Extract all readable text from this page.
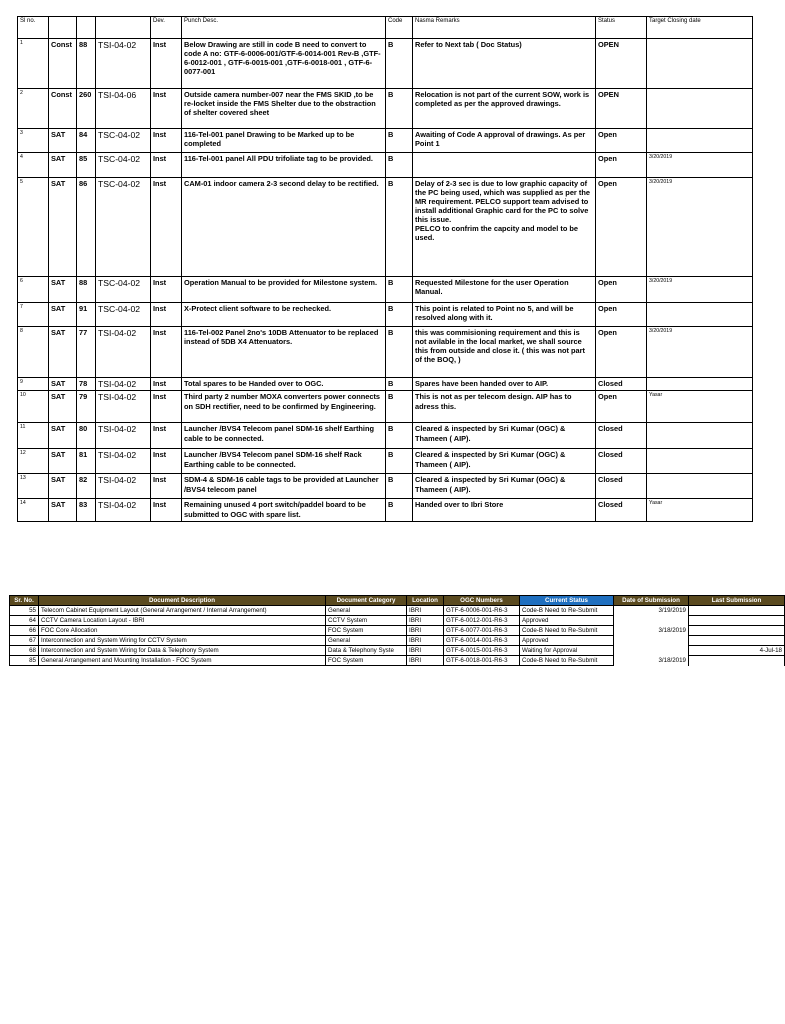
Sl no.				Dev.	Punch Desc.	Code	Nasma Remarks	Status	Target Closing date
1	Const	88	TSI-04-02	Inst	Below Drawing are still in code B need to convert to code A no: GTF-6-0006-001/GTF-6-0014-001 Rev-B ,GTF-6-0012-001 , GTF-6-0015-001 ,GTF-6-0018-001 , GTF-6-0077-001	B	Refer to Next tab ( Doc Status)	OPEN	
2	Const	260	TSI-04-06	Inst	Outside camera number-007 near the FMS SKID ,to be re-locket inside the FMS Shelter due to the obstraction of shelter covered sheet	B	Relocation is not part of the current SOW, work is completed as per the approved drawings.	OPEN	
3	SAT	84	TSC-04-02	Inst	116-Tel-001 panel Drawing to be Marked up to be completed	B	Awaiting of Code A approval of drawings. As per Point 1	Open	
4	SAT	85	TSC-04-02	Inst	116-Tel-001 panel All PDU trifoliate tag to be provided.	B		Open	3/20/2019
5	SAT	86	TSC-04-02	Inst	CAM-01 indoor camera 2-3 second delay to be rectified.	B	Delay of 2-3 sec is due to low graphic capacity of the PC being used, which was supplied as per the MR requirement. PELCO support team advised to install additional Graphic card for the PC to solve this issue.
PELCO to confrim the capcity and model to be used.	Open	3/20/2019
6	SAT	88	TSC-04-02	Inst	Operation Manual to be provided for Milestone system.	B	Requested Milestone for the user Operation Manual.	Open	3/20/2019
7	SAT	91	TSC-04-02	Inst	X-Protect client software to be rechecked.	B	This point is related to Point no 5, and will be resolved along with it.	Open	
8	SAT	77	TSI-04-02	Inst	116-Tel-002 Panel 2no's 10DB Attenuator to be replaced instead of 5DB X4 Attenuators.	B	this was commisioning requirement and this is not avilable in the local market, we shall source this from outside and close it. ( this was not part of the BOQ, )	Open	3/20/2019
9	SAT	78	TSI-04-02	Inst	Total spares to be Handed over to OGC.	B	Spares have been handed over to AIP.	Closed	
10	SAT	79	TSI-04-02	Inst	Third party 2 number MOXA converters power connects on SDH rectifier, need to be confirmed by Engineering.	B	This is not as per telecom design. AIP has to adress this.	Open	Yasar
11	SAT	80	TSI-04-02	Inst	Launcher /BVS4 Telecom panel SDM-16 shelf Earthing cable to be connected.	B	Cleared & inspected by Sri Kumar (OGC) & Thameen ( AIP).	Closed	
12	SAT	81	TSI-04-02	Inst	Launcher /BVS4 Telecom panel SDM-16 shelf Rack Earthing cable to be connected.	B	Cleared & inspected by Sri Kumar (OGC) & Thameen ( AIP).	Closed	
13	SAT	82	TSI-04-02	Inst	SDM-4 & SDM-16 cable tags to be provided at Launcher /BVS4 telecom panel	B	Cleared & inspected by Sri Kumar (OGC) & Thameen ( AIP).	Closed	
14	SAT	83	TSI-04-02	Inst	Remaining unused 4 port switch/paddel board to be submitted to OGC with spare list.	B	Handed over to Ibri Store	Closed	Yasar
Sr. No.	Document Description	Document Category	Location	OGC Numbers	Current Status	Date of Submission	Last Submission
55	Telecom Cabinet Equipment Layout (General Arrangement / Internal Arrangement)	General	IBRI	GTF-6-0006-001-R6-3	Code-B Need to Re-Submit	3/19/2019	
64	CCTV Camera Location Layout - IBRI	CCTV System	IBRI	GTF-6-0012-001-R6-3	Approved		
66	FOC Core Allocation	FOC System	IBRI	GTF-6-0077-001-R6-3	Code-B Need to Re-Submit	3/18/2019	
67	Interconnection and System Wiring for CCTV System	General	IBRI	GTF-6-0014-001-R6-3	Approved		
68	Interconnection and System Wiring for Data & Telephony System	Data & Telephony Syste	IBRI	GTF-6-0015-001-R6-3	Waiting for Approval		4-Jul-18
85	General Arrangement and Mounting Installation - FOC System	FOC System	IBRI	GTF-6-0018-001-R6-3	Code-B Need to Re-Submit	3/18/2019	
